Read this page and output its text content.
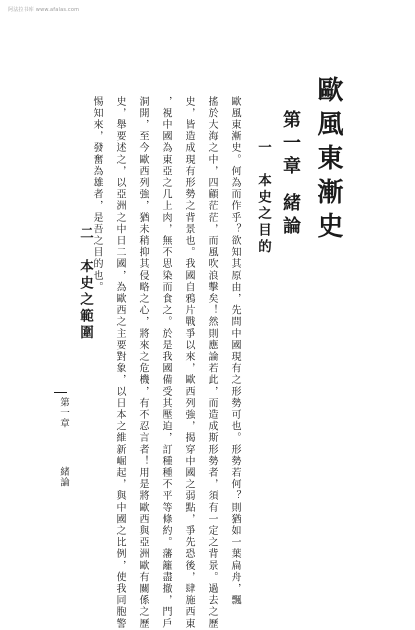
阿法拉书库 www.afalas.com
歐風東漸史
第一章緒論
一　本史之目的
歐風東漸史。何為而作乎？欲知其原由，先問中國現有之形勢可也。形勢若何？則猶如一葉扁舟，飄
搖於大海之中，四顧茫茫，而風吹浪擊矣！然則應論若此，而造成斯形勢者，須有一定之背景。過去之歷
史，皆造成現有形勢之背景也。我國自鴉片戰爭以來，歐西列強，揭穿中國之弱點，爭先恐後，肆施西東
，視中國為東亞之几上肉，無不思染而食之。於是我國備受其壓迫，訂種種不平等條約。藩籬盡撤，門戶
洞開，至今歐西列強，猶未稍抑其侵略之心，將來之危機，有不忍言者！用是將歐西與亞洲歐有關係之歷
史，舉要述之，以亞洲之中日二國，為歐西之主要對象，以日本之維新崛起，與中國之比例，使我同胞警
惕知來，發奮為雄者，是吾之目的也。
二　本史之範圍
第一章緒論
